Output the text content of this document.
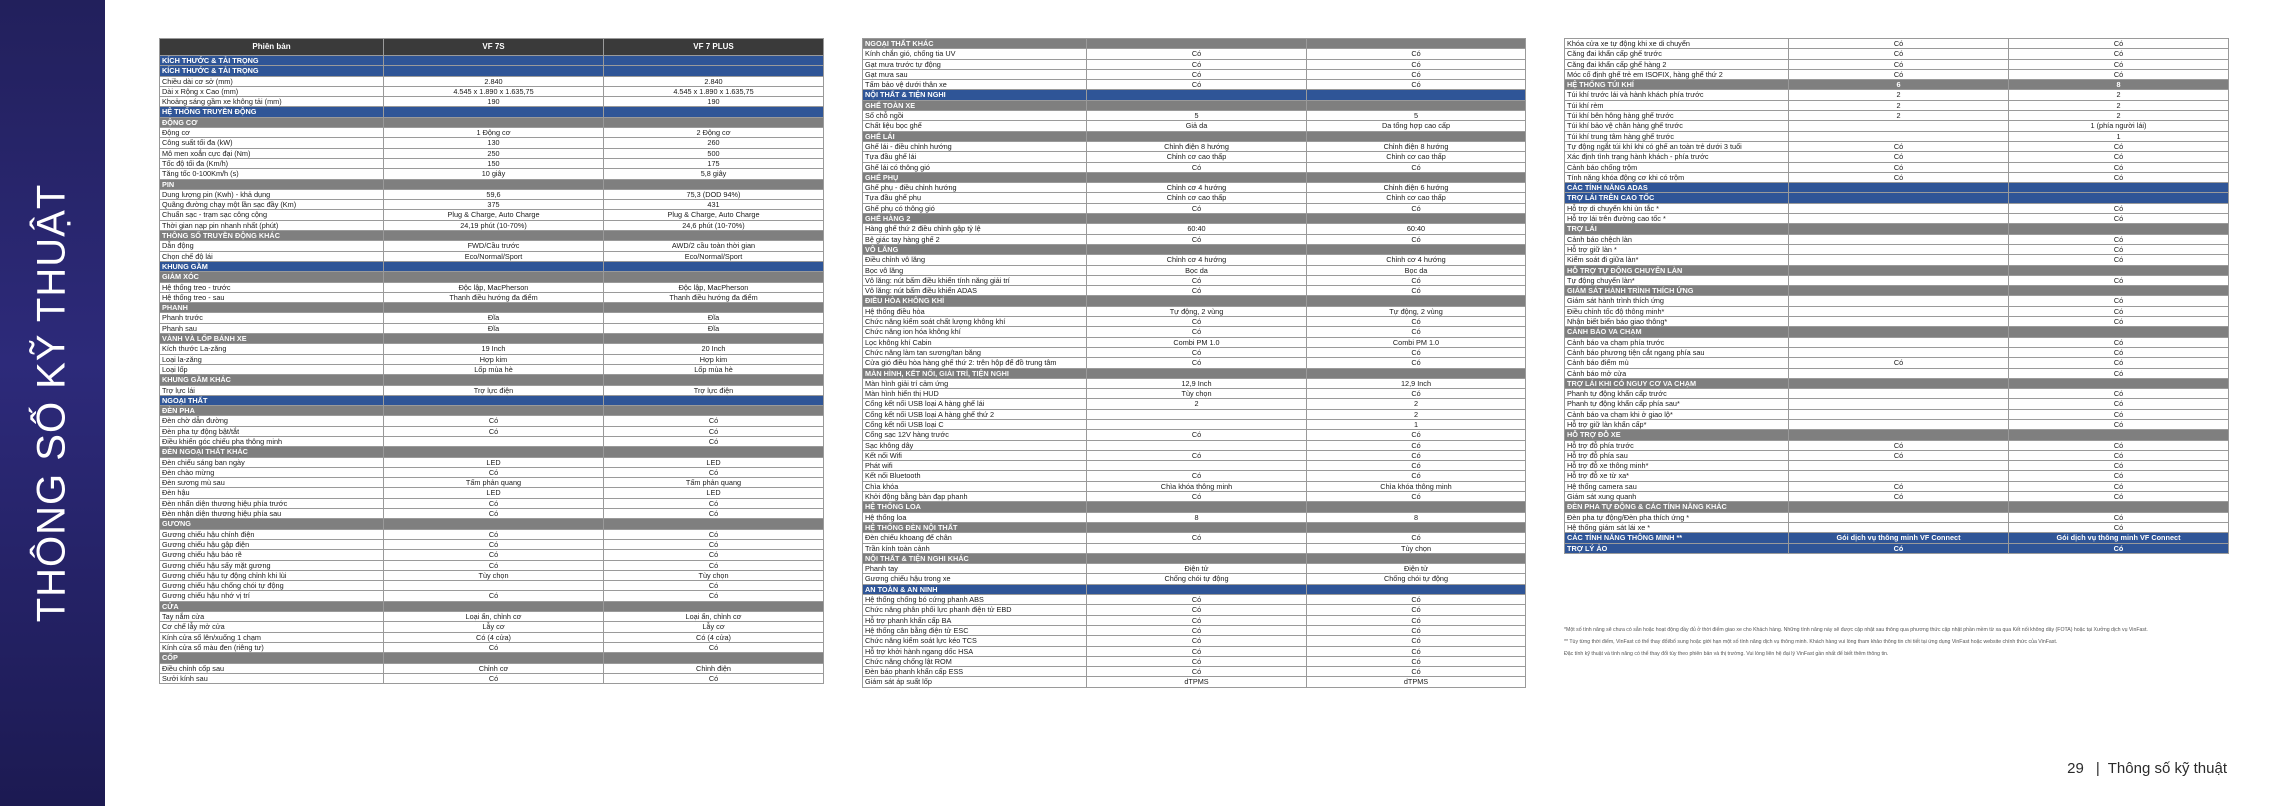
THÔNG SỐ KỸ THUẬT
Phiên bản	VF 7S	VF 7 PLUS
KÍCH THƯỚC & TẢI TRỌNG		
KÍCH THƯỚC & TẢI TRỌNG		
Chiều dài cơ sở (mm)	2.840	2.840
Dài x Rộng x Cao (mm)	4.545 x 1.890 x 1.635,75	4.545 x 1.890 x 1.635,75
Khoảng sáng gầm xe không tải (mm)	190	190
HỆ THỐNG TRUYỀN ĐỘNG		
ĐỘNG CƠ		
Động cơ	1 Động cơ	2 Động cơ
Công suất tối đa (kW)	130	260
Mô men xoắn cực đại (Nm)	250	500
Tốc độ tối đa (Km/h)	150	175
Tăng tốc 0-100Km/h (s)	10 giây	5,8 giây
PIN		
Dung lượng pin (Kwh) - khả dụng	59,6	75,3 (DOD 94%)
Quãng đường chạy một lần sạc đầy (Km)	375	431
Chuẩn sạc - trạm sạc công cộng	Plug & Charge, Auto Charge	Plug & Charge, Auto Charge
Thời gian nạp pin nhanh nhất (phút)	24,19 phút (10-70%)	24,6 phút (10-70%)
THÔNG SỐ TRUYỀN ĐỘNG KHÁC		
Dẫn động	FWD/Cầu trước	AWD/2 cầu toàn thời gian
Chọn chế độ lái	Eco/Normal/Sport	Eco/Normal/Sport
KHUNG GẦM		
GIẢM XÓC		
Hệ thống treo - trước	Độc lập, MacPherson	Độc lập, MacPherson
Hệ thống treo - sau	Thanh điều hướng đa điểm	Thanh điều hướng đa điểm
PHANH		
Phanh trước	Đĩa	Đĩa
Phanh sau	Đĩa	Đĩa
VÀNH VÀ LỐP BÁNH XE		
Kích thước La-zăng	19 Inch	20 Inch
Loại la-zăng	Hợp kim	Hợp kim
Loại lốp	Lốp mùa hè	Lốp mùa hè
KHUNG GẦM KHÁC		
Trợ lực lái	Trợ lực điện	Trợ lực điện
NGOẠI THẤT		
ĐÈN PHA		
Đèn chờ dẫn đường	Có	Có
Đèn pha tự động bật/tắt	Có	Có
Điều khiển góc chiếu pha thông minh		Có
ĐÈN NGOẠI THẤT KHÁC		
Đèn chiếu sáng ban ngày	LED	LED
Đèn chào mừng	Có	Có
Đèn sương mù sau	Tấm phản quang	Tấm phản quang
Đèn hậu	LED	LED
Đèn nhấn diện thương hiệu phía trước	Có	Có
Đèn nhận diện thương hiệu phía sau	Có	Có
GƯƠNG		
Gương chiếu hậu chỉnh điện	Có	Có
Gương chiếu hậu gập điện	Có	Có
Gương chiếu hậu báo rẽ	Có	Có
Gương chiếu hậu sấy mặt gương	Có	Có
Gương chiếu hậu tự động chỉnh khi lùi	Tùy chọn	Tùy chọn
Gương chiếu hậu chống chói tự động		Có
Gương chiếu hậu nhớ vị trí	Có	Có
CỬA		
Tay nắm cửa	Loại ẩn, chỉnh cơ	Loại ẩn, chỉnh cơ
Cơ chế lẫy mở cửa	Lẫy cơ	Lẫy cơ
Kính cửa sổ lên/xuống 1 chạm	Có (4 cửa)	Có (4 cửa)
Kính cửa sổ màu đen (riêng tư)	Có	Có
CỐP		
Điều chỉnh cốp sau	Chỉnh cơ	Chỉnh điện
Sưởi kính sau	Có	Có
NGOẠI THẤT KHÁC		
Kính chắn gió, chống tia UV	Có	Có
Gạt mưa trước tự động	Có	Có
Gạt mưa sau	Có	Có
Tấm bảo vệ dưới thân xe	Có	Có
NỘI THẤT & TIỆN NGHI		
GHẾ TOÀN XE		
Số chỗ ngồi	5	5
Chất liệu bọc ghế	Giả da	Da tổng hợp cao cấp
GHẾ LÁI		
Ghế lái - điều chỉnh hướng	Chỉnh điện 8 hướng	Chỉnh điện 8 hướng
Tựa đầu ghế lái	Chỉnh cơ cao thấp	Chỉnh cơ cao thấp
Ghế lái có thông gió	Có	Có
GHẾ PHỤ		
Ghế phụ - điều chỉnh hướng	Chỉnh cơ 4 hướng	Chỉnh điện 6 hướng
Tựa đầu ghế phụ	Chỉnh cơ cao thấp	Chỉnh cơ cao thấp
Ghế phụ có thông gió	Có	Có
GHẾ HÀNG 2		
Hàng ghế thứ 2 điều chỉnh gập tỷ lệ	60:40	60:40
Bệ giác tay hàng ghế 2	Có	Có
VÔ LĂNG		
Điều chỉnh vô lăng	Chỉnh cơ 4 hướng	Chỉnh cơ 4 hướng
Bọc vô lăng	Bọc da	Bọc da
Vô lăng: nút bấm điều khiển tính năng giải trí	Có	Có
Vô lăng: nút bấm điều khiển ADAS	Có	Có
ĐIỀU HÒA KHÔNG KHÍ		
Hệ thống điều hòa	Tự động, 2 vùng	Tự động, 2 vùng
Chức năng kiểm soát chất lượng không khí	Có	Có
Chức năng ion hóa không khí	Có	Có
Lọc không khí Cabin	Combi PM 1.0	Combi PM 1.0
Chức năng làm tan sương/tan băng	Có	Có
Cửa gió điều hòa hàng ghế thứ 2: trên hộp để đồ trung tâm	Có	Có
MÀN HÌNH, KẾT NỐI, GIẢI TRÍ, TIỆN NGHI		
Màn hình giải trí cảm ứng	12,9 Inch	12,9 Inch
Màn hình hiển thị HUD	Tùy chọn	Có
Cổng kết nối USB loại A hàng ghế lái	2	2
Cổng kết nối USB loại A hàng ghế thứ 2		2
Cổng kết nối USB loại C		1
Cổng sạc 12V hàng trước	Có	Có
Sạc không dây		Có
Kết nối Wifi	Có	Có
Phát wifi		Có
Kết nối Bluetooth	Có	Có
Chìa khóa	Chìa khóa thông minh	Chìa khóa thông minh
Khởi động bằng bàn đạp phanh	Có	Có
HỆ THỐNG LOA		
Hệ thống loa	8	8
HỆ THỐNG ĐÈN NỘI THẤT		
Đèn chiếu khoang để chân	Có	Có
Trần kính toàn cảnh		Tùy chọn
NỘI THẤT & TIỆN NGHI KHÁC		
Phanh tay	Điện tử	Điện tử
Gương chiếu hậu trong xe	Chống chói tự động	Chống chói tự động
AN TOÀN & AN NINH		
Hệ thống chống bó cứng phanh ABS	Có	Có
Chức năng phân phối lực phanh điện tử EBD	Có	Có
Hỗ trợ phanh khẩn cấp BA	Có	Có
Hệ thống cân bằng điện tử ESC	Có	Có
Chức năng kiểm soát lực kéo TCS	Có	Có
Hỗ trợ khởi hành ngang dốc HSA	Có	Có
Chức năng chống lật ROM	Có	Có
Đèn báo phanh khẩn cấp ESS	Có	Có
Giám sát áp suất lốp	dTPMS	dTPMS
Khóa cửa xe tự động khi xe di chuyển	Có	Có
Căng đai khẩn cấp ghế trước	Có	Có
Căng đai khẩn cấp ghế hàng 2	Có	Có
Móc cố định ghế trẻ em ISOFIX, hàng ghế thứ 2	Có	Có
HỆ THỐNG TÚI KHÍ	6	8
Túi khí trước lái và hành khách phía trước	2	2
Túi khí rèm	2	2
Túi khí bên hông hàng ghế trước	2	2
Túi khí bảo vệ chân hàng ghế trước		1 (phía người lái)
Túi khí trung tâm hàng ghế trước		1
Tự động ngắt túi khí khi có ghế an toàn trẻ dưới 3 tuổi	Có	Có
Xác định tình trạng hành khách - phía trước	Có	Có
Cảnh báo chống trộm	Có	Có
Tính năng khóa động cơ khi có trộm	Có	Có
CÁC TÍNH NĂNG ADAS		
TRỢ LÁI TRÊN CAO TỐC		
Hỗ trợ di chuyển khi ùn tắc *		Có
Hỗ trợ lái trên đường cao tốc *		Có
TRỢ LÁI		
Cảnh báo chệch làn		Có
Hỗ trợ giữ làn *		Có
Kiểm soát đi giữa làn*		Có
HỖ TRỢ TỰ ĐỘNG CHUYỂN LÀN		
Tự động chuyển làn*		Có
GIÁM SÁT HÀNH TRÌNH THÍCH ỨNG		
Giám sát hành trình thích ứng		Có
Điều chỉnh tốc độ thông minh*		Có
Nhận biết biển báo giao thông*		Có
CẢNH BÁO VA CHẠM		
Cảnh báo va chạm phía trước		Có
Cảnh báo phương tiện cắt ngang phía sau		Có
Cảnh báo điểm mù	Có	Có
Cảnh báo mở cửa		Có
TRỢ LÁI KHI CÓ NGUY CƠ VA CHẠM		
Phanh tự động khẩn cấp trước		Có
Phanh tự động khẩn cấp phía sau*		Có
Cảnh báo va chạm khi ở giao lộ*		Có
Hỗ trợ giữ làn khẩn cấp*		Có
HỖ TRỢ ĐỖ XE		
Hỗ trợ đỗ phía trước	Có	Có
Hỗ trợ đỗ phía sau	Có	Có
Hỗ trợ đỗ xe thông minh*		Có
Hỗ trợ đỗ xe từ xa*		Có
Hệ thống camera sau	Có	Có
Giám sát xung quanh	Có	Có
ĐÈN PHA TỰ ĐỘNG & CÁC TÍNH NĂNG KHÁC		
Đèn pha tự động/Đèn pha thích ứng *		Có
Hệ thống giám sát lái xe *		Có
CÁC TÍNH NĂNG THÔNG MINH **	Gói dịch vụ thông minh VF Connect	Gói dịch vụ thông minh VF Connect
TRỢ LÝ ẢO	Có	Có

*Một số tính năng sẽ chưa có sẵn hoặc hoạt động đầy đủ ở thời điểm giao xe cho Khách hàng. Những tính năng này sẽ được cập nhật sau thông qua phương thức cập nhật phần mềm từ xa qua Kết nối không dây (FOTA) hoặc tại Xưởng dịch vụ VinFast.

** Tùy từng thời điểm, VinFast có thể thay đổi/bổ sung hoặc giới hạn một số tính năng dịch vụ thông minh. Khách hàng vui lòng tham khảo thông tin chi tiết tại ứng dụng VinFast hoặc website chính thức của VinFast.

Đặc tính kỹ thuật và tính năng có thể thay đổi tùy theo phiên bản và thị trường. Vui lòng liên hệ đại lý VinFast gần nhất để biết thêm thông tin.

29 | Thông số kỹ thuật
